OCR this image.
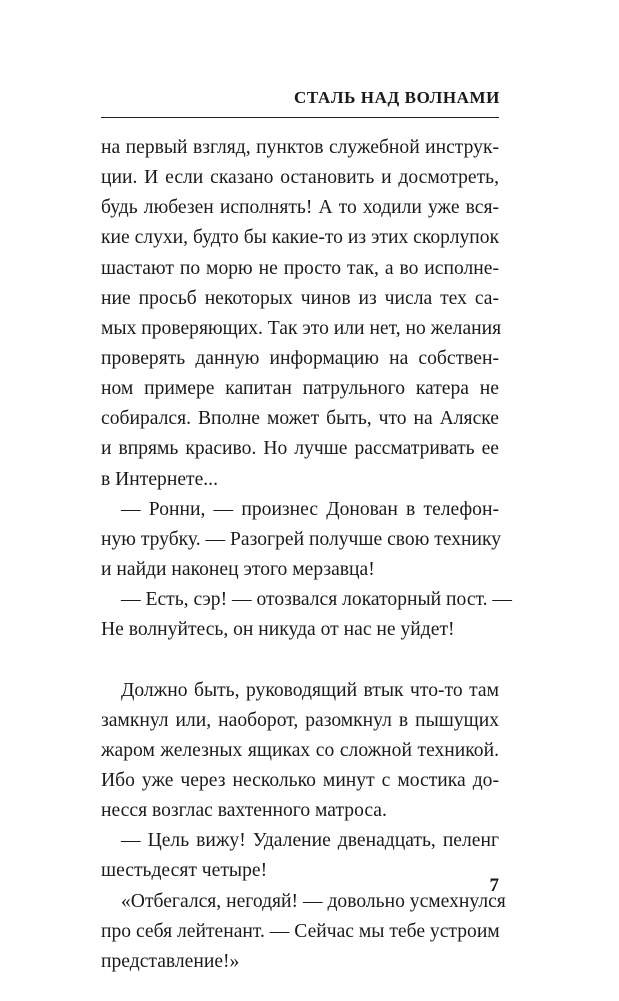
СТАЛЬ НАД ВОЛНАМИ
на первый взгляд, пунктов служебной инструк-
ции. И если сказано остановить и досмотреть,
будь любезен исполнять! А то ходили уже вся-
кие слухи, будто бы какие-то из этих скорлупок
шастают по морю не просто так, а во исполне-
ние просьб некоторых чинов из числа тех са-
мых проверяющих. Так это или нет, но желания
проверять данную информацию на собствен-
ном примере капитан патрульного катера не
собирался. Вполне может быть, что на Аляске
и впрямь красиво. Но лучше рассматривать ее
в Интернете...
— Ронни, — произнес Донован в телефон-
ную трубку. — Разогрей получше свою технику
и найди наконец этого мерзавца!
— Есть, сэр! — отозвался локаторный пост. —
Не волнуйтесь, он никуда от нас не уйдет!
Должно быть, руководящий втык что-то там
замкнул или, наоборот, разомкнул в пышущих
жаром железных ящиках со сложной техникой.
Ибо уже через несколько минут с мостика до-
несся возглас вахтенного матроса.
— Цель вижу! Удаление двенадцать, пеленг
шестьдесят четыре!
«Отбегался, негодяй! — довольно усмехнулся
про себя лейтенант. — Сейчас мы тебе устроим
представление!»
7
